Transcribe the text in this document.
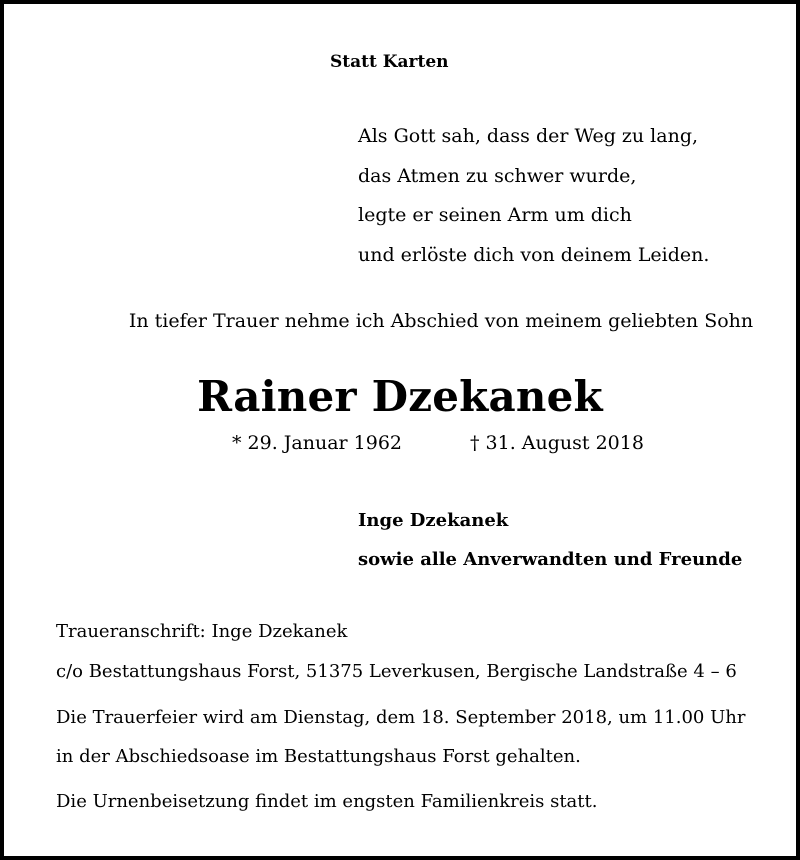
Statt Karten
Als Gott sah, dass der Weg zu lang,
das Atmen zu schwer wurde,
legte er seinen Arm um dich
und erlöste dich von deinem Leiden.
In tiefer Trauer nehme ich Abschied von meinem geliebten Sohn
Rainer Dzekanek
* 29. Januar 1962	† 31. August 2018
Inge Dzekanek
sowie alle Anverwandten und Freunde
Traueranschrift: Inge Dzekanek
c/o Bestattungshaus Forst, 51375 Leverkusen, Bergische Landstraße 4 – 6
Die Trauerfeier wird am Dienstag, dem 18. September 2018, um 11.00 Uhr
in der Abschiedsoase im Bestattungshaus Forst gehalten.
Die Urnenbeisetzung findet im engsten Familienkreis statt.
